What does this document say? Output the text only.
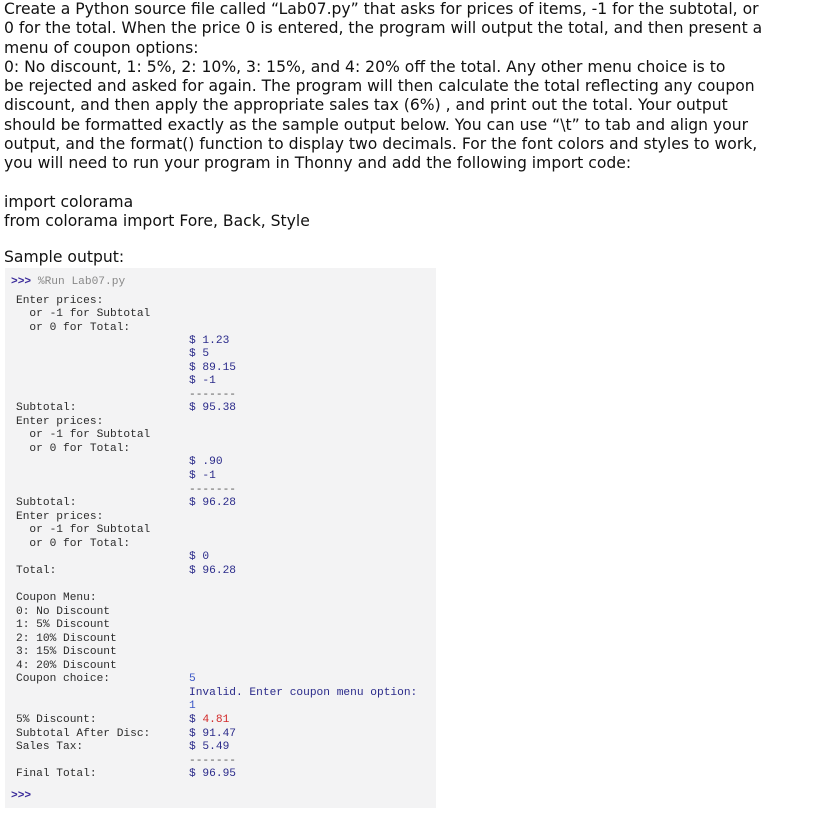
Create a Python source file called “Lab07.py” that asks for prices of items, -1 for the subtotal, or
0 for the total. When the price 0 is entered, the program will output the total, and then present a
menu of coupon options:
0: No discount, 1: 5%, 2: 10%, 3: 15%, and 4: 20% off the total. Any other menu choice is to
be rejected and asked for again. The program will then calculate the total reflecting any coupon
discount, and then apply the appropriate sales tax (6%) , and print out the total. Your output
should be formatted exactly as the sample output below. You can use “\t” to tab and align your
output, and the format() function to display two decimals. For the font colors and styles to work,
you will need to run your program in Thonny and add the following import code:
import colorama
from colorama import Fore, Back, Style
Sample output:
>>> %Run Lab07.py
Enter prices:
or -1 for Subtotal
or 0 for Total:
Subtotal:
Enter prices:
or -1 for Subtotal
or 0 for Total:
Subtotal:
Enter prices:
or -1 for Subtotal
or 0 for Total:
Total:
Coupon Menu:
0: No Discount
1: 5% Discount
2: 10% Discount
3: 15% Discount
4: 20% Discount
Coupon choice:
5% Discount:
Subtotal After Disc:
Sales Tax:
Final Total:
$ 1.23
$ 5
$ 89.15
$ -1
-------
$ 95.38
$ .90
$ -1
-------
$ 96.28
$ 0
$ 96.28
5
Invalid. Enter coupon menu option:
1
$ 4.81
$ 91.47
$ 5.49
-------
$ 96.95
>>>
